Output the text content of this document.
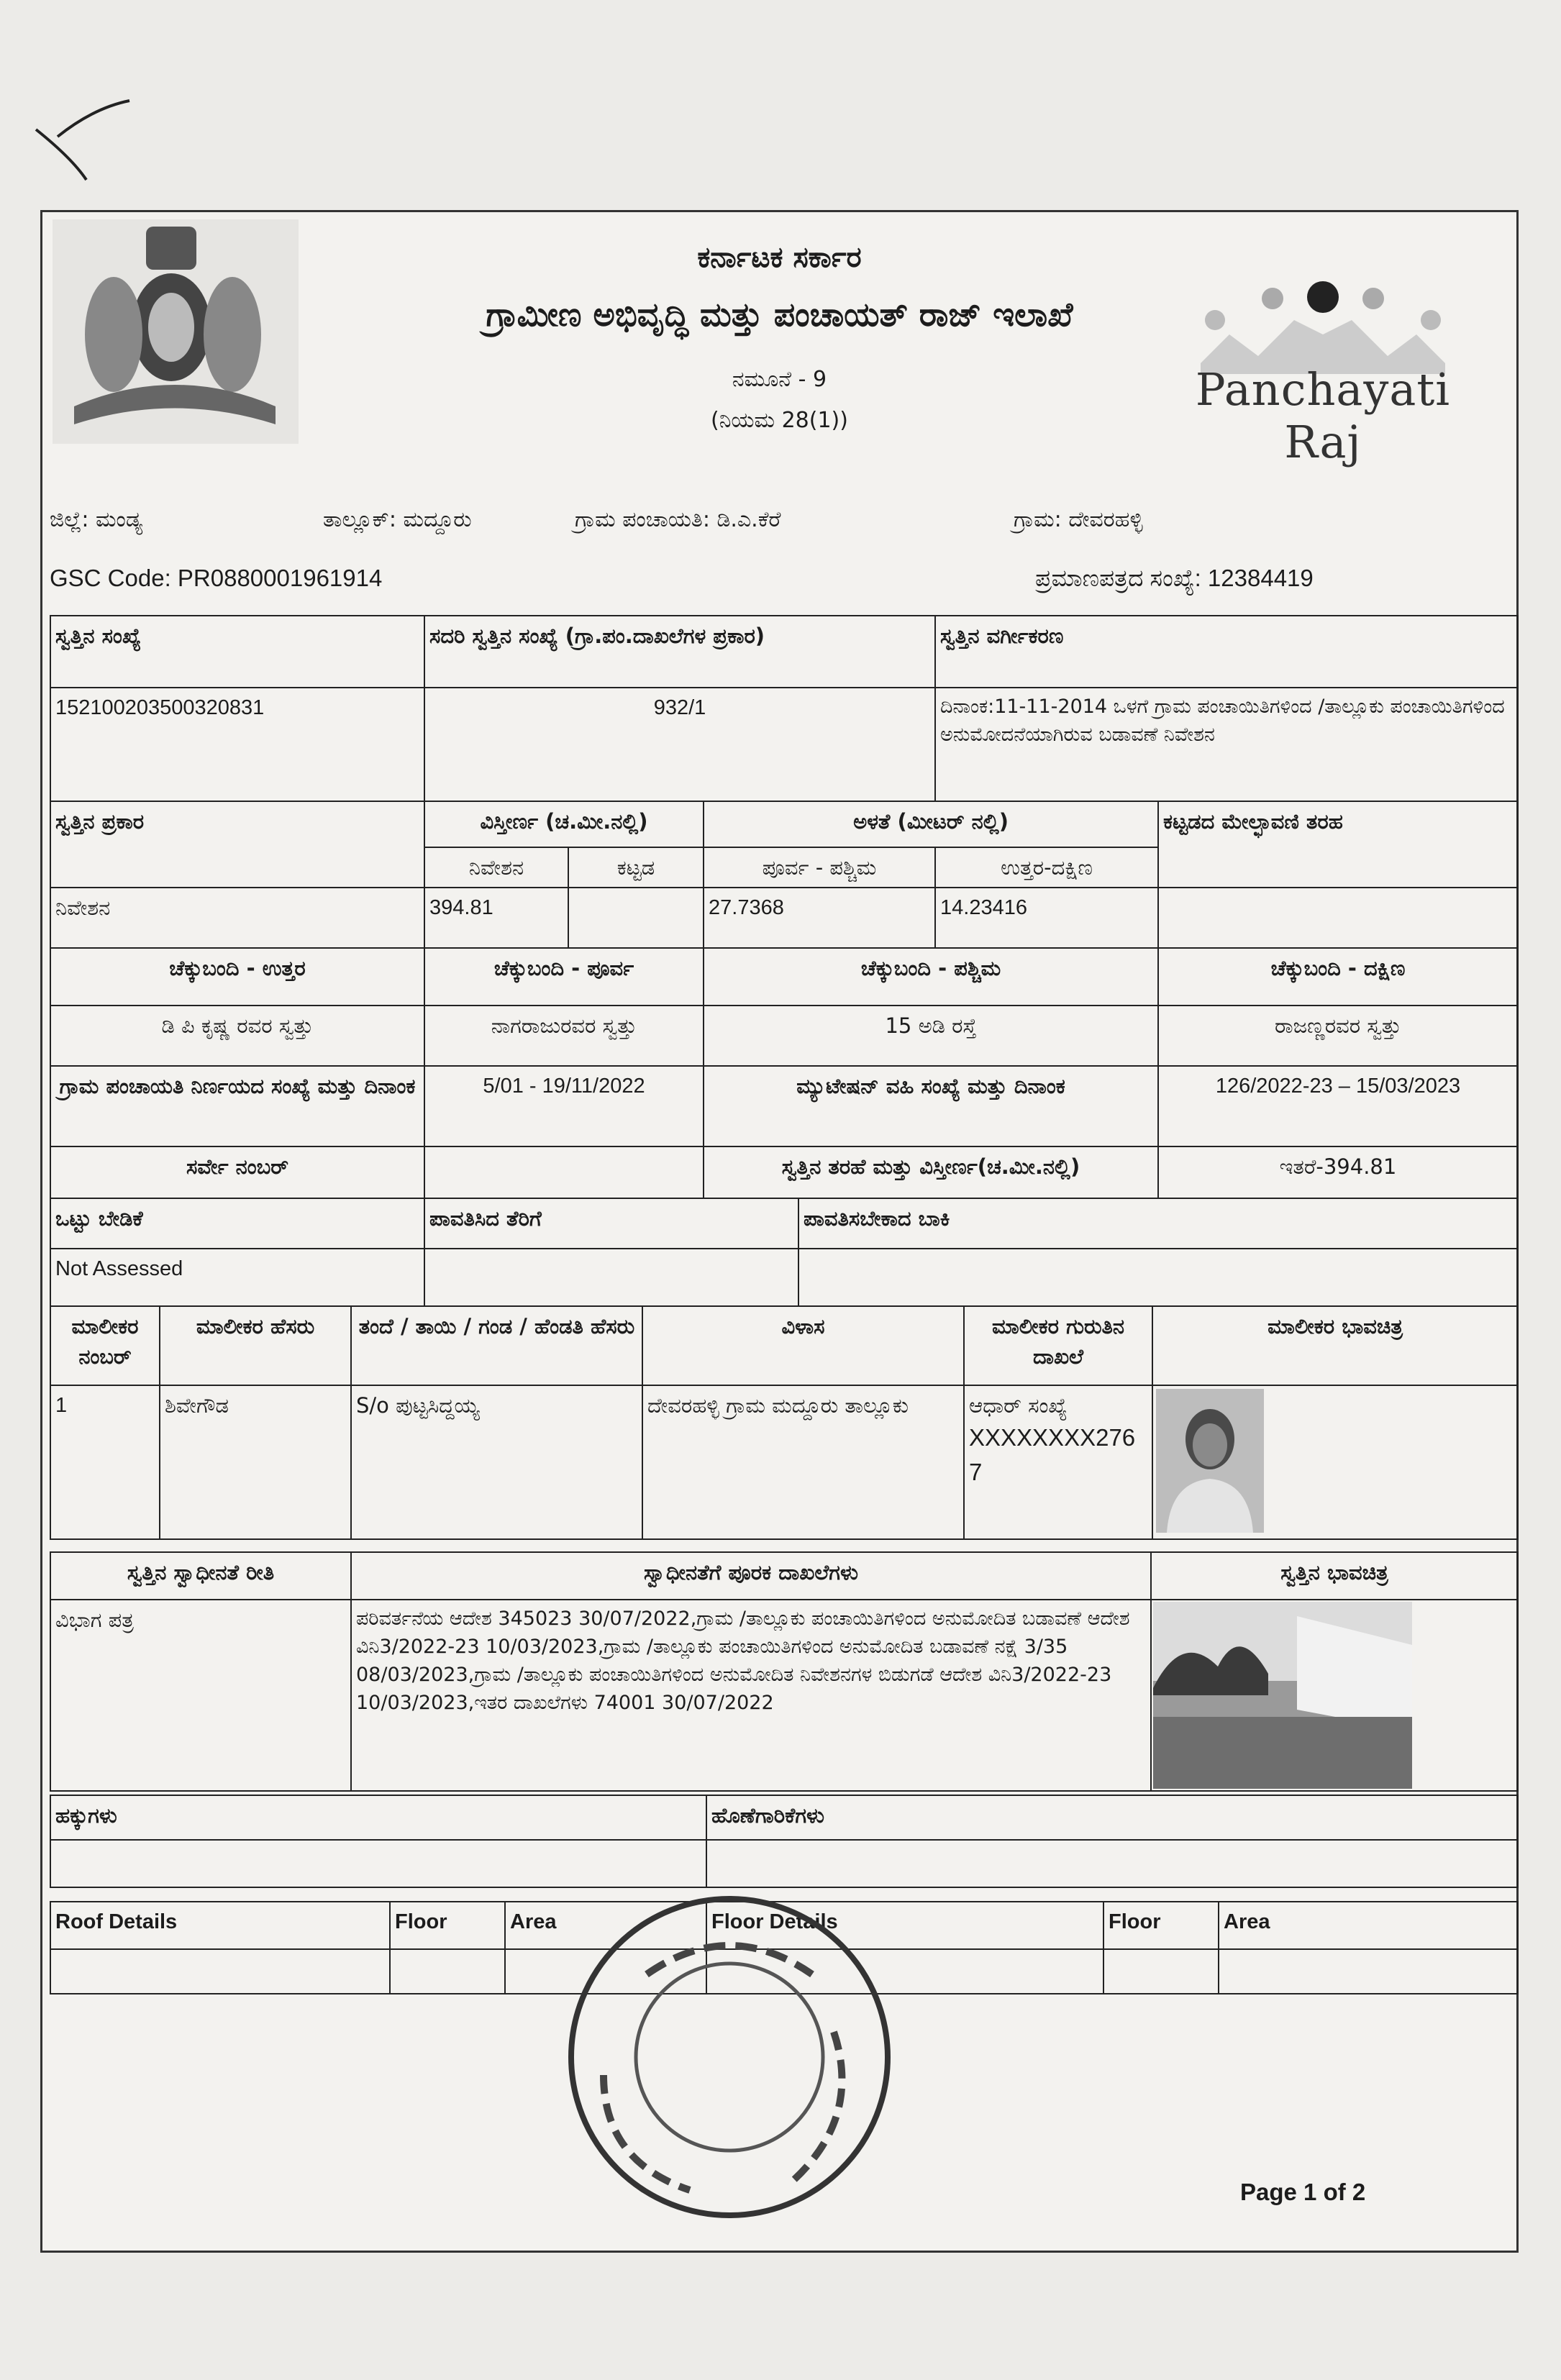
ಕರ್ನಾಟಕ ಸರ್ಕಾರ
ಗ್ರಾಮೀಣ ಅಭಿವೃದ್ಧಿ ಮತ್ತು ಪಂಚಾಯತ್ ರಾಜ್ ಇಲಾಖೆ
ನಮೂನೆ - 9
(ನಿಯಮ 28(1))
Panchayati Raj
ಜಿಲ್ಲೆ: ಮಂಡ್ಯ	ತಾಲ್ಲೂಕ್: ಮದ್ದೂರು	ಗ್ರಾಮ ಪಂಚಾಯತಿ: ಡಿ.ಎ.ಕೆರೆ	ಗ್ರಾಮ: ದೇವರಹಳ್ಳಿ
GSC Code: PR0880001961914	ಪ್ರಮಾಣಪತ್ರದ ಸಂಖ್ಯೆ: 12384419
ಸ್ವತ್ತಿನ ಸಂಖ್ಯೆ	ಸದರಿ ಸ್ವತ್ತಿನ ಸಂಖ್ಯೆ (ಗ್ರಾ.ಪಂ.ದಾಖಲೆಗಳ ಪ್ರಕಾರ)	ಸ್ವತ್ತಿನ ವರ್ಗೀಕರಣ
152100203500320831	932/1	ದಿನಾಂಕ:11-11-2014 ಒಳಗೆ ಗ್ರಾಮ ಪಂಚಾಯಿತಿಗಳಿಂದ /ತಾಲ್ಲೂಕು ಪಂಚಾಯಿತಿಗಳಿಂದ ಅನುಮೋದನೆಯಾಗಿರುವ ಬಡಾವಣೆ ನಿವೇಶನ
ಸ್ವತ್ತಿನ ಪ್ರಕಾರ	ವಿಸ್ತೀರ್ಣ (ಚ.ಮೀ.ನಲ್ಲಿ)		ಅಳತೆ (ಮೀಟರ್ ನಲ್ಲಿ)		ಕಟ್ಟಡದ ಮೇಲ್ಛಾವಣಿ ತರಹ
	ನಿವೇಶನ	ಕಟ್ಟಡ	ಪೂರ್ವ - ಪಶ್ಚಿಮ	ಉತ್ತರ-ದಕ್ಷಿಣ	
ನಿವೇಶನ	394.81		27.7368	14.23416	
ಚೆಕ್ಕುಬಂದಿ - ಉತ್ತರ	ಚೆಕ್ಕುಬಂದಿ - ಪೂರ್ವ	ಚೆಕ್ಕುಬಂದಿ - ಪಶ್ಚಿಮ	ಚೆಕ್ಕುಬಂದಿ - ದಕ್ಷಿಣ
ಡಿ ಪಿ ಕೃಷ್ಣ ರವರ ಸ್ವತ್ತು	ನಾಗರಾಜುರವರ ಸ್ವತ್ತು	15 ಅಡಿ ರಸ್ತೆ	ರಾಜಣ್ಣರವರ ಸ್ವತ್ತು
ಗ್ರಾಮ ಪಂಚಾಯತಿ ನಿರ್ಣಯದ ಸಂಖ್ಯೆ ಮತ್ತು ದಿನಾಂಕ	5/01 - 19/11/2022	ಮ್ಯುಟೇಷನ್ ವಹಿ ಸಂಖ್ಯೆ ಮತ್ತು ದಿನಾಂಕ	126/2022-23 – 15/03/2023
ಸರ್ವೇ ನಂಬರ್		ಸ್ವತ್ತಿನ ತರಹೆ ಮತ್ತು ವಿಸ್ತೀರ್ಣ(ಚ.ಮೀ.ನಲ್ಲಿ)	ಇತರೆ-394.81
ಒಟ್ಟು ಬೇಡಿಕೆ	ಪಾವತಿಸಿದ ತೆರಿಗೆ	ಪಾವತಿಸಬೇಕಾದ ಬಾಕಿ
Not Assessed		
ಮಾಲೀಕರ ನಂಬರ್	ಮಾಲೀಕರ ಹೆಸರು	ತಂದೆ / ತಾಯಿ / ಗಂಡ / ಹೆಂಡತಿ ಹೆಸರು	ವಿಳಾಸ	ಮಾಲೀಕರ ಗುರುತಿನ ದಾಖಲೆ	ಮಾಲೀಕರ ಭಾವಚಿತ್ರ
1	ಶಿವೇಗೌಡ	S/o ಪುಟ್ಟಸಿದ್ದಯ್ಯ	ದೇವರಹಳ್ಳಿ ಗ್ರಾಮ ಮದ್ದೂರು ತಾಲ್ಲೂಕು	ಆಧಾರ್ ಸಂಖ್ಯೆ
XXXXXXXX2767

ಸ್ವತ್ತಿನ ಸ್ವಾಧೀನತೆ ರೀತಿ	ಸ್ವಾಧೀನತೆಗೆ ಪೂರಕ ದಾಖಲೆಗಳು	ಸ್ವತ್ತಿನ ಭಾವಚಿತ್ರ
ವಿಭಾಗ ಪತ್ರ	ಪರಿವರ್ತನೆಯ ಆದೇಶ 345023 30/07/2022,ಗ್ರಾಮ /ತಾಲ್ಲೂಕು ಪಂಚಾಯಿತಿಗಳಿಂದ ಅನುಮೋದಿತ ಬಡಾವಣೆ ಆದೇಶ ವಿನಿ3/2022-23 10/03/2023,ಗ್ರಾಮ /ತಾಲ್ಲೂಕು ಪಂಚಾಯಿತಿಗಳಿಂದ ಅನುಮೋದಿತ ಬಡಾವಣೆ ನಕ್ಷೆ 3/35 08/03/2023,ಗ್ರಾಮ /ತಾಲ್ಲೂಕು ಪಂಚಾಯಿತಿಗಳಿಂದ ಅನುಮೋದಿತ ನಿವೇಶನಗಳ ಬಿಡುಗಡೆ ಆದೇಶ ವಿನಿ3/2022-23 10/03/2023,ಇತರ ದಾಖಲೆಗಳು 74001 30/07/2022	
ಹಕ್ಕುಗಳು	ಹೊಣೆಗಾರಿಕೆಗಳು

Roof Details	Floor	Area	Floor Details	Floor	Area

Page 1 of 2
